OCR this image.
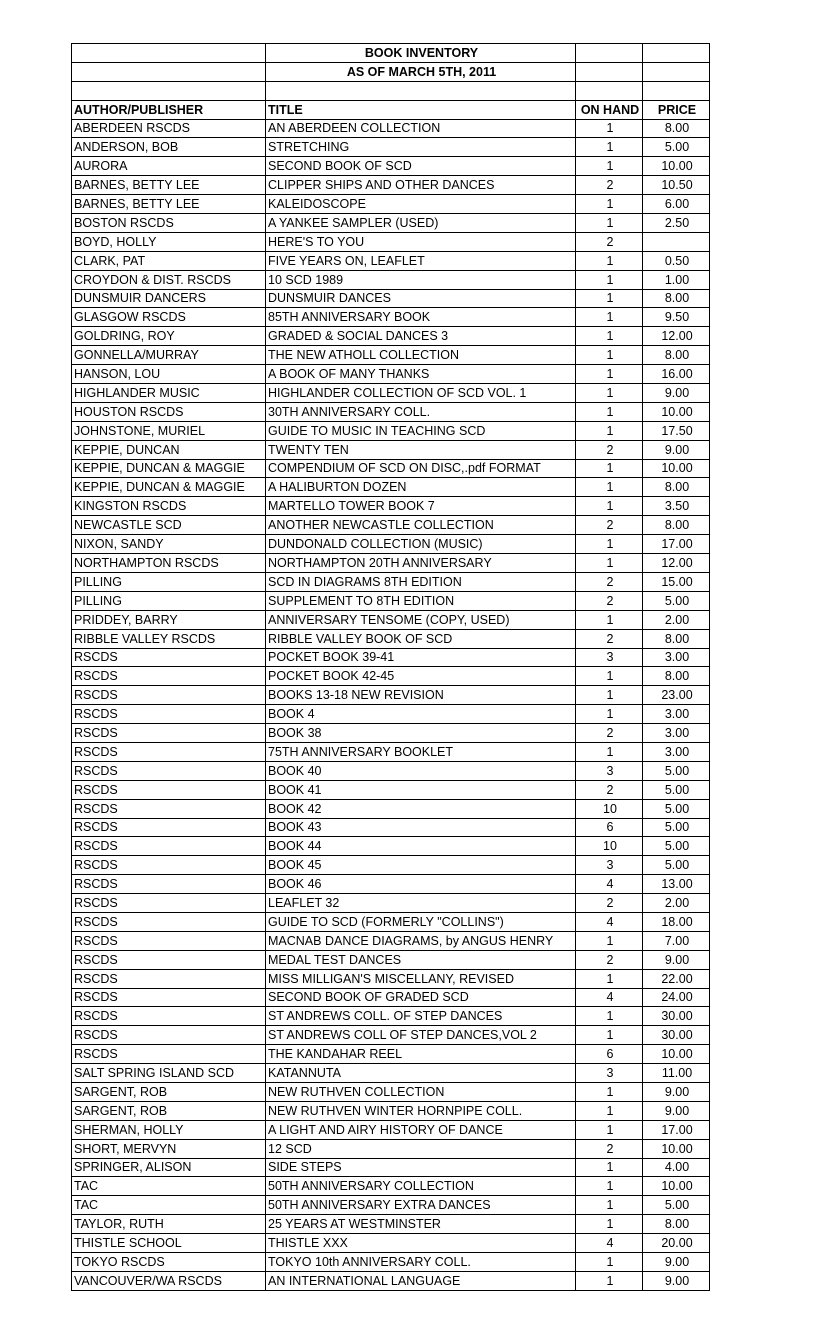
	BOOK INVENTORY		
	AS OF MARCH 5TH, 2011		

AUTHOR/PUBLISHER	TITLE	ON HAND	PRICE
ABERDEEN RSCDS	AN ABERDEEN COLLECTION	1	8.00
ANDERSON, BOB	STRETCHING	1	5.00
AURORA	SECOND BOOK OF SCD	1	10.00
BARNES, BETTY LEE	CLIPPER SHIPS AND OTHER DANCES	2	10.50
BARNES, BETTY LEE	KALEIDOSCOPE	1	6.00
BOSTON RSCDS	A YANKEE SAMPLER (USED)	1	2.50
BOYD, HOLLY	HERE'S TO YOU	2	
CLARK, PAT	FIVE YEARS ON, LEAFLET	1	0.50
CROYDON & DIST. RSCDS	10 SCD 1989	1	1.00
DUNSMUIR DANCERS	DUNSMUIR DANCES	1	8.00
GLASGOW RSCDS	85TH ANNIVERSARY BOOK	1	9.50
GOLDRING, ROY	GRADED & SOCIAL DANCES 3	1	12.00
GONNELLA/MURRAY	THE NEW ATHOLL COLLECTION	1	8.00
HANSON, LOU	A BOOK OF MANY THANKS	1	16.00
HIGHLANDER MUSIC	HIGHLANDER COLLECTION OF SCD VOL. 1	1	9.00
HOUSTON RSCDS	30TH ANNIVERSARY COLL.	1	10.00
JOHNSTONE, MURIEL	GUIDE TO MUSIC IN TEACHING SCD	1	17.50
KEPPIE, DUNCAN	TWENTY TEN	2	9.00
KEPPIE, DUNCAN & MAGGIE	COMPENDIUM OF SCD ON DISC,.pdf FORMAT	1	10.00
KEPPIE, DUNCAN & MAGGIE	A HALIBURTON DOZEN	1	8.00
KINGSTON RSCDS	MARTELLO TOWER BOOK 7	1	3.50
NEWCASTLE SCD	ANOTHER NEWCASTLE COLLECTION	2	8.00
NIXON, SANDY	DUNDONALD COLLECTION (MUSIC)	1	17.00
NORTHAMPTON RSCDS	NORTHAMPTON 20TH ANNIVERSARY	1	12.00
PILLING	SCD IN DIAGRAMS 8TH EDITION	2	15.00
PILLING	SUPPLEMENT TO 8TH EDITION	2	5.00
PRIDDEY, BARRY	ANNIVERSARY TENSOME (COPY, USED)	1	2.00
RIBBLE VALLEY RSCDS	RIBBLE VALLEY BOOK OF SCD	2	8.00
RSCDS	POCKET BOOK 39-41	3	3.00
RSCDS	POCKET BOOK 42-45	1	8.00
RSCDS	BOOKS 13-18 NEW REVISION	1	23.00
RSCDS	BOOK 4	1	3.00
RSCDS	BOOK 38	2	3.00
RSCDS	75TH ANNIVERSARY BOOKLET	1	3.00
RSCDS	BOOK 40	3	5.00
RSCDS	BOOK 41	2	5.00
RSCDS	BOOK 42	10	5.00
RSCDS	BOOK 43	6	5.00
RSCDS	BOOK 44	10	5.00
RSCDS	BOOK 45	3	5.00
RSCDS	BOOK 46	4	13.00
RSCDS	LEAFLET 32	2	2.00
RSCDS	GUIDE TO SCD (FORMERLY "COLLINS")	4	18.00
RSCDS	MACNAB DANCE DIAGRAMS, by ANGUS HENRY	1	7.00
RSCDS	MEDAL TEST DANCES	2	9.00
RSCDS	MISS MILLIGAN'S MISCELLANY, REVISED	1	22.00
RSCDS	SECOND BOOK OF GRADED SCD	4	24.00
RSCDS	ST ANDREWS COLL. OF STEP DANCES	1	30.00
RSCDS	ST ANDREWS COLL OF STEP DANCES,VOL 2	1	30.00
RSCDS	THE KANDAHAR REEL	6	10.00
SALT SPRING ISLAND SCD	KATANNUTA	3	11.00
SARGENT, ROB	NEW RUTHVEN COLLECTION	1	9.00
SARGENT, ROB	NEW RUTHVEN WINTER HORNPIPE COLL.	1	9.00
SHERMAN, HOLLY	A LIGHT AND AIRY HISTORY OF DANCE	1	17.00
SHORT, MERVYN	12 SCD	2	10.00
SPRINGER, ALISON	SIDE STEPS	1	4.00
TAC	50TH ANNIVERSARY COLLECTION	1	10.00
TAC	50TH ANNIVERSARY EXTRA DANCES	1	5.00
TAYLOR, RUTH	25 YEARS AT WESTMINSTER	1	8.00
THISTLE SCHOOL	THISTLE XXX	4	20.00
TOKYO RSCDS	TOKYO 10th ANNIVERSARY COLL.	1	9.00
VANCOUVER/WA RSCDS	AN INTERNATIONAL LANGUAGE	1	9.00
